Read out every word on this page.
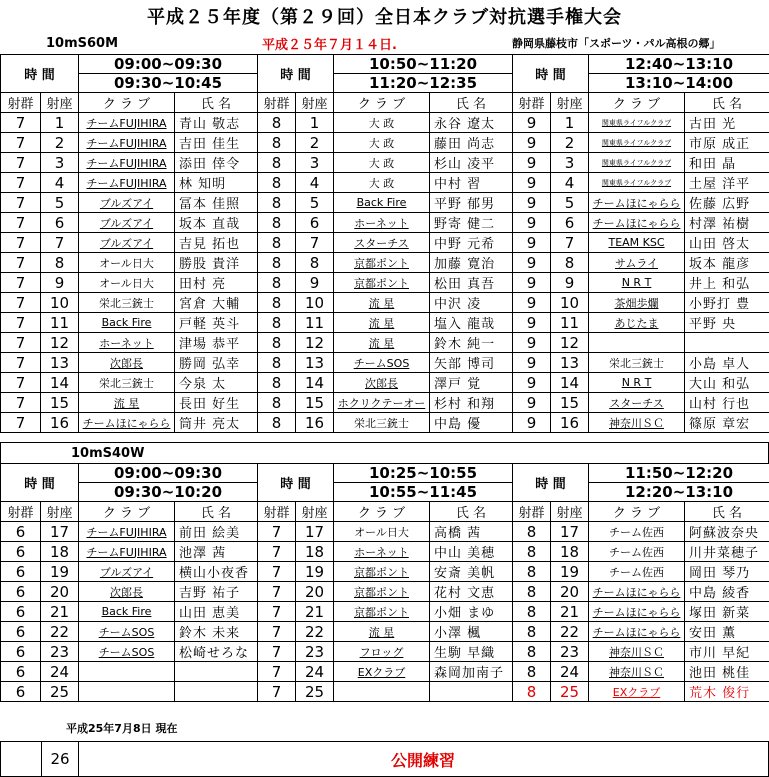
平成２５年度（第２９回）全日本クラブ対抗選手権大会
10mS60M	平成２５年７月１４日.	静岡県藤枝市「スポーツ・パル高根の郷」
時 間		09:00~09:30		時 間		10:50~11:20		時 間		12:40~13:10	
		09:30~10:45				11:20~12:35				13:10~14:00	
射群	射座	ク ラ ブ	氏 名	射群	射座	ク ラ ブ	氏 名	射群	射座	ク ラ ブ	氏 名
7	1	チームFUJIHIRA	青山 敬志	8	1	大 政	永谷 遼太	9	1	関東県ライフルクラブ	古田 光
7	2	チームFUJIHIRA	吉田 佳生	8	2	大 政	藤田 尚志	9	2	関東県ライフルクラブ	市原 成正
7	3	チームFUJIHIRA	添田 倖令	8	3	大 政	杉山 凌平	9	3	関東県ライフルクラブ	和田 晶
7	4	チームFUJIHIRA	林 知明	8	4	大 政	中村 習	9	4	関東県ライフルクラブ	土屋 洋平
7	5	ブルズアイ	冨本 佳照	8	5	Back Fire	平野 郁男	9	5	チームほにゃらら	佐藤 広野
7	6	ブルズアイ	坂本 直哉	8	6	ホーネット	野寄 健二	9	6	チームほにゃらら	村澤 祐樹
7	7	ブルズアイ	吉見 拓也	8	7	スターチス	中野 元希	9	7	TEAM KSC	山田 啓太
7	8	オール日大	勝股 貴洋	8	8	京都ポント	加藤 寛治	9	8	サムライ	坂本 龍彦
7	9	オール日大	田村 亮	8	9	京都ポント	松田 真吾	9	9	N R T	井上 和弘
7	10	栄北三銃士	宮倉 大輔	8	10	流 星	中沢 凌	9	10	茶畑歩爛	小野打 豊
7	11	Back Fire	戸軽 英斗	8	11	流 星	塩入 龍哉	9	11	あじたま	平野 央
7	12	ホーネット	津場 恭平	8	12	流 星	鈴木 純一	9	12		
7	13	次郎長	勝岡 弘幸	8	13	チームSOS	矢部 博司	9	13	栄北三銃士	小島 卓人
7	14	栄北三銃士	今泉 太	8	14	次郎長	澤戸 覚	9	14	N R T	大山 和弘
7	15	流 星	長田 好生	8	15	ホクリクテーオー	杉村 和翔	9	15	スターチス	山村 行也
7	16	チームほにゃらら	筒井 亮太	8	16	栄北三銃士	中島 優	9	16	神奈川ＳＣ	篠原 章宏
10mS40W
時 間		09:00~09:30		時 間		10:25~10:55		時 間		11:50~12:20	
		09:30~10:20				10:55~11:45				12:20~13:10	
射群	射座	ク ラ ブ	氏 名	射群	射座	ク ラ ブ	氏 名	射群	射座	ク ラ ブ	氏 名
6	17	チームFUJIHIRA	前田 絵美	7	17	オール日大	高橋 茜	8	17	チーム佐西	阿蘇波奈央
6	18	チームFUJIHIRA	池澤 茜	7	18	ホーネット	中山 美穂	8	18	チーム佐西	川井菜穂子
6	19	ブルズアイ	横山小夜香	7	19	京都ポント	安斎 美帆	8	19	チーム佐西	岡田 琴乃
6	20	次郎長	吉野 祐子	7	20	京都ポント	花村 文恵	8	20	チームほにゃらら	中島 綾香
6	21	Back Fire	山田 恵美	7	21	京都ポント	小畑 まゆ	8	21	チームほにゃらら	塚田 新菜
6	22	チームSOS	鈴木 未来	7	22	流 星	小澤 楓	8	22	チームほにゃらら	安田 薫
6	23	チームSOS	松崎せろな	7	23	フロッグ	生駒 早織	8	23	神奈川ＳＣ	市川 早紀
6	24			7	24	EXクラブ	森岡加南子	8	24	神奈川ＳＣ	池田 桃佳
6	25			7	25			8	25	EXクラブ	荒木 俊行
平成25年7月8日 現在
26	公開練習
